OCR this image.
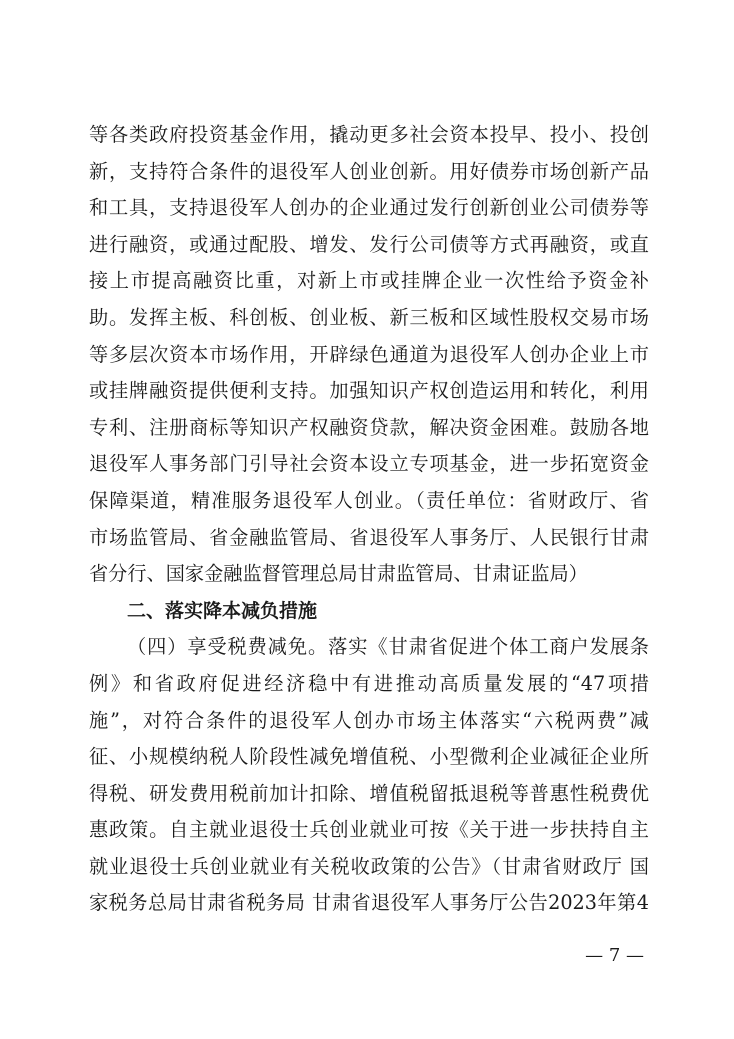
等各类政府投资基金作用，撬动更多社会资本投早、投小、投创
新，支持符合条件的退役军人创业创新。用好债券市场创新产品
和工具，支持退役军人创办的企业通过发行创新创业公司债券等
进行融资，或通过配股、增发、发行公司债等方式再融资，或直
接上市提高融资比重，对新上市或挂牌企业一次性给予资金补
助。发挥主板、科创板、创业板、新三板和区域性股权交易市场
等多层次资本市场作用，开辟绿色通道为退役军人创办企业上市
或挂牌融资提供便利支持。加强知识产权创造运用和转化，利用
专利、注册商标等知识产权融资贷款，解决资金困难。鼓励各地
退役军人事务部门引导社会资本设立专项基金，进一步拓宽资金
保障渠道，精准服务退役军人创业。（责任单位：省财政厅、省
市场监管局、省金融监管局、省退役军人事务厅、人民银行甘肃
省分行、国家金融监督管理总局甘肃监管局、甘肃证监局）
二、落实降本减负措施
（四）享受税费减免。落实《甘肃省促进个体工商户发展条
例》和省政府促进经济稳中有进推动高质量发展的“47项措
施”，对符合条件的退役军人创办市场主体落实“六税两费”减
征、小规模纳税人阶段性减免增值税、小型微利企业减征企业所
得税、研发费用税前加计扣除、增值税留抵退税等普惠性税费优
惠政策。自主就业退役士兵创业就业可按《关于进一步扶持自主
就业退役士兵创业就业有关税收政策的公告》（甘肃省财政厅 国
家税务总局甘肃省税务局 甘肃省退役军人事务厅公告2023年第4
— 7 —
